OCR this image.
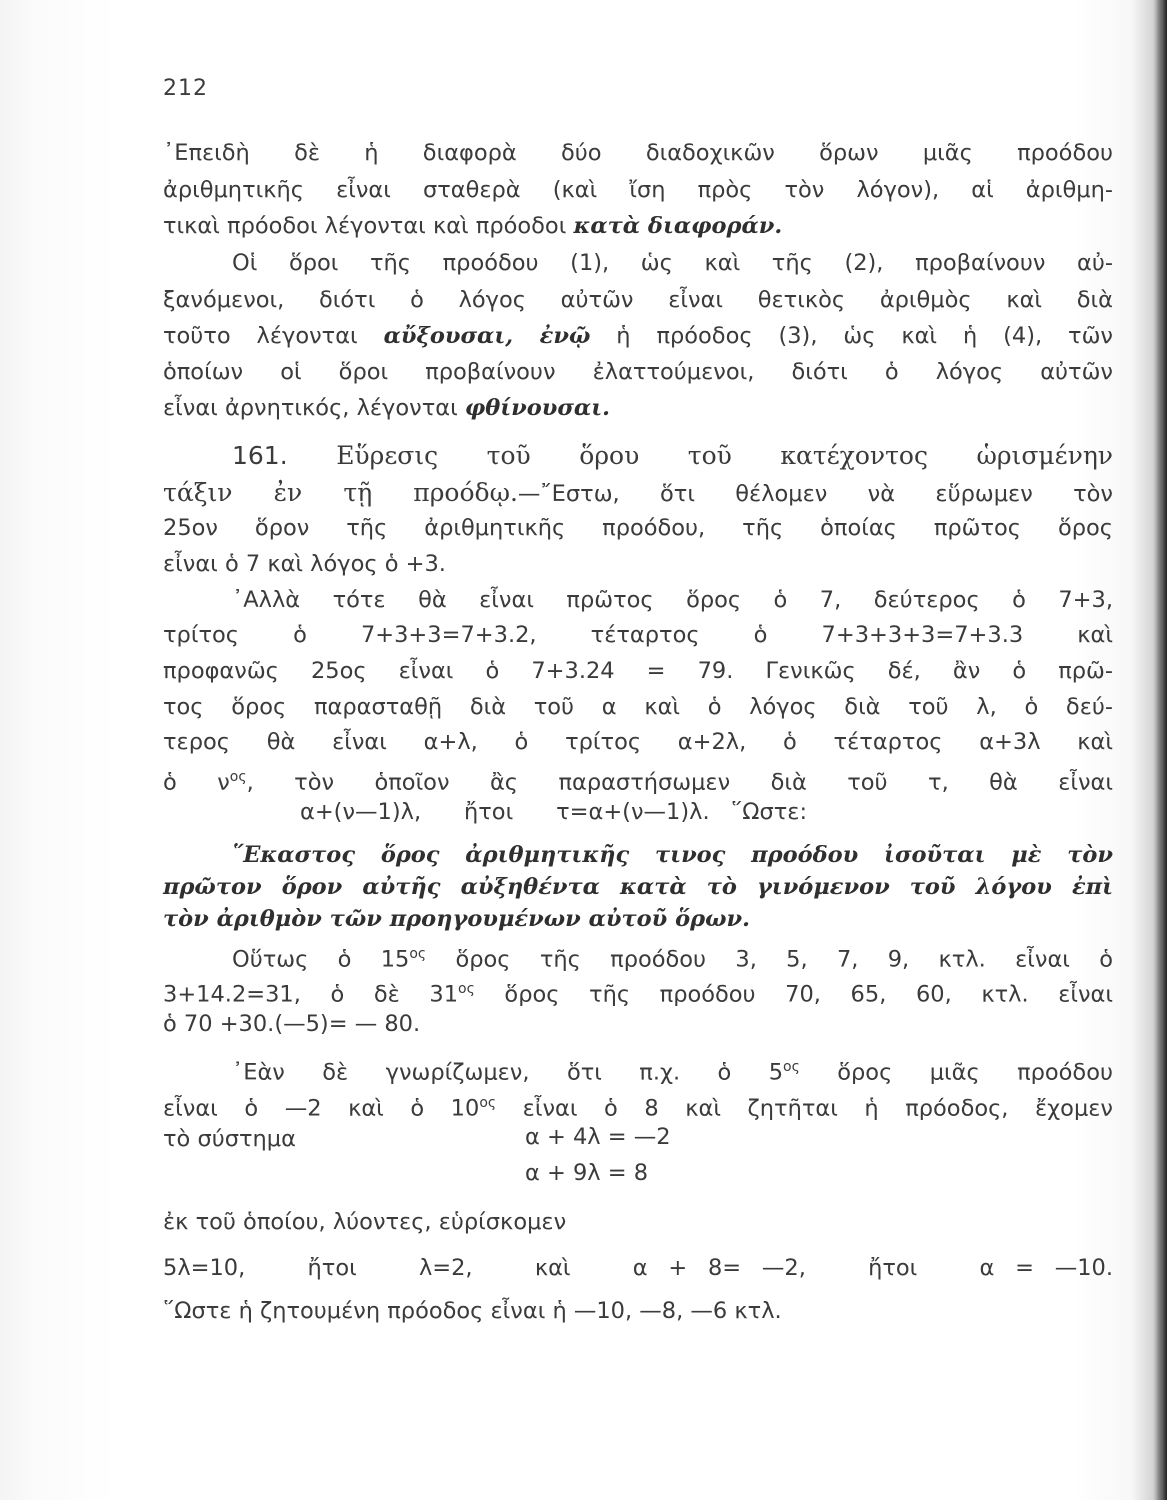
212
᾿Επειδὴ δὲ ἡ διαφορὰ δύο διαδοχικῶν ὅρων μιᾶς προόδου
ἀριθμητικῆς εἶναι σταθερὰ (καὶ ἴση πρὸς τὸν λόγον), αἱ ἀριθμη-
τικαὶ πρόοδοι λέγονται καὶ πρόοδοι κατὰ διαφοράν.
Οἱ ὅροι τῆς προόδου (1), ὡς καὶ τῆς (2), προβαίνουν αὐ-
ξανόμενοι, διότι ὁ λόγος αὐτῶν εἶναι θετικὸς ἀριθμὸς καὶ διὰ
τοῦτο λέγονται αὔξουσαι, ἐνῷ ἡ πρόοδος (3), ὡς καὶ ἡ (4), τῶν
ὁποίων οἱ ὅροι προβαίνουν ἐλαττούμενοι, διότι ὁ λόγος αὐτῶν
εἶναι ἀρνητικός, λέγονται φθίνουσαι.
161. Εὕρεσις τοῦ ὅρου τοῦ κατέχοντος ὡρισμένην
τάξιν ἐν τῇ προόδῳ.—῎Εστω, ὅτι θέλομεν νὰ εὕρωμεν τὸν
25ον ὅρον τῆς ἀριθμητικῆς προόδου, τῆς ὁποίας πρῶτος ὅρος
εἶναι ὁ 7 καὶ λόγος ὁ +3.
᾿Αλλὰ τότε θὰ εἶναι πρῶτος ὅρος ὁ 7, δεύτερος ὁ 7+3,
τρίτος ὁ 7+3+3=7+3.2, τέταρτος ὁ 7+3+3+3=7+3.3 καὶ
προφανῶς 25ος εἶναι ὁ 7+3.24 = 79. Γενικῶς δέ, ἂν ὁ πρῶ-
τος ὅρος παρασταθῇ διὰ τοῦ α καὶ ὁ λόγος διὰ τοῦ λ, ὁ δεύ-
τερος θὰ εἶναι α+λ, ὁ τρίτος α+2λ, ὁ τέταρτος α+3λ καὶ
ὁ $\nu^{o\varsigma}$, τὸν ὁποῖον ἂς παραστήσωμεν διὰ τοῦ τ, θὰ εἶναι
α+(ν—1)λ,      ἤτοι      τ=α+(ν—1)λ.   ῞Ωστε:
῞Εκαστος ὅρος ἀριθμητικῆς τινος προόδου ἰσοῦται μὲ τὸν
πρῶτον ὅρον αὐτῆς αὐξηθέντα κατὰ τὸ γινόμενον τοῦ λόγου ἐπὶ
τὸν ἀριθμὸν τῶν προηγουμένων αὐτοῦ ὅρων.
Οὕτως ὁ $15^{o\varsigma}$ ὅρος τῆς προόδου 3, 5, 7, 9, κτλ. εἶναι ὁ
3+14.2=31, ὁ δὲ $31^{o\varsigma}$ ὅρος τῆς προόδου 70, 65, 60, κτλ. εἶναι
ὁ 70 +30.(—5)= — 80.
᾿Εὰν δὲ γνωρίζωμεν, ὅτι π.χ. ὁ $5^{o\varsigma}$ ὅρος μιᾶς προόδου
εἶναι ὁ —2 καὶ ὁ $10^{o\varsigma}$ εἶναι ὁ 8 καὶ ζητῆται ἡ πρόοδος, ἔχομεν
τὸ σύστημα	α + 4λ = —2
α + 9λ = 8
ἐκ τοῦ ὁποίου, λύοντες, εὑρίσκομεν
5λ=10,   ἤτοι   λ=2,   καὶ   α + 8= —2,   ἤτοι   α = —10.
῞Ωστε ἡ ζητουμένη πρόοδος εἶναι ἡ —10, —8, —6 κτλ.
